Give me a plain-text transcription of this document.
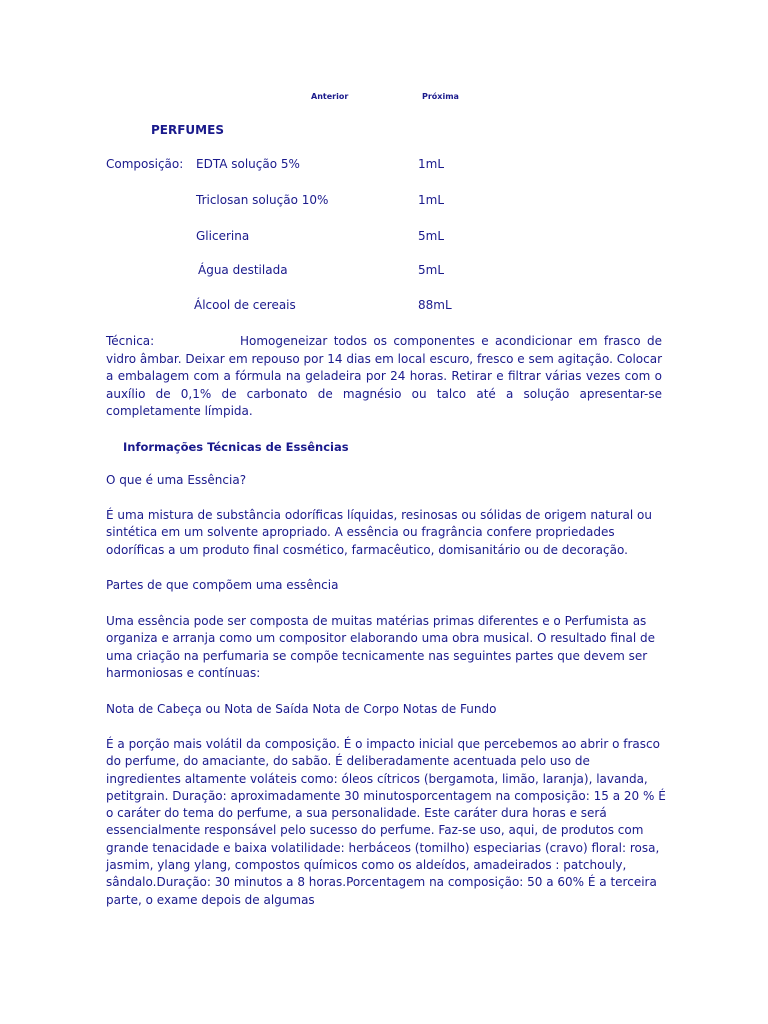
Anterior	Próxima
PERFUMES
Composição: EDTA solução 5%	1mL
Triclosan solução 10%	1mL
Glicerina	5mL
Água destilada	5mL
Álcool de cereais	88mL
Técnica:	Homogeneizar todos os componentes e acondicionar em frasco de vidro âmbar. Deixar em repouso por 14 dias em local escuro, fresco e sem agitação. Colocar a embalagem com a fórmula na geladeira por 24 horas. Retirar e filtrar várias vezes com o auxílio de 0,1% de carbonato de magnésio ou talco até a solução apresentar-se completamente límpida.
Informações Técnicas de Essências

O que é uma Essência?

É uma mistura de substância odoríficas líquidas, resinosas ou sólidas de origem natural ou sintética em um solvente apropriado. A essência ou fragrância confere propriedades odoríficas a um produto final cosmético, farmacêutico, domisanitário ou de decoração.

Partes de que compõem uma essência

Uma essência pode ser composta de muitas matérias primas diferentes e o Perfumista as organiza e arranja como um compositor elaborando uma obra musical. O resultado final de uma criação na perfumaria se compõe tecnicamente nas seguintes partes que devem ser harmoniosas e contínuas:

Nota de Cabeça ou Nota de Saída Nota de Corpo Notas de Fundo

É a porção mais volátil da composição. É o impacto inicial que percebemos ao abrir o frasco do perfume, do amaciante, do sabão. É deliberadamente acentuada pelo uso de ingredientes altamente voláteis como: óleos cítricos (bergamota, limão, laranja), lavanda, petitgrain. Duração: aproximadamente 30 minutosporcentagem na composição: 15 a 20 % É o caráter do tema do perfume, a sua personalidade. Este caráter dura horas e será essencialmente responsável pelo sucesso do perfume. Faz-se uso, aqui, de produtos com grande tenacidade e baixa volatilidade: herbáceos (tomilho) especiarias (cravo) floral: rosa, jasmim, ylang ylang, compostos químicos como os aldeídos, amadeirados : patchouly, sândalo.Duração: 30 minutos a 8 horas.Porcentagem na composição: 50 a 60% É a terceira parte, o exame depois de algumas
